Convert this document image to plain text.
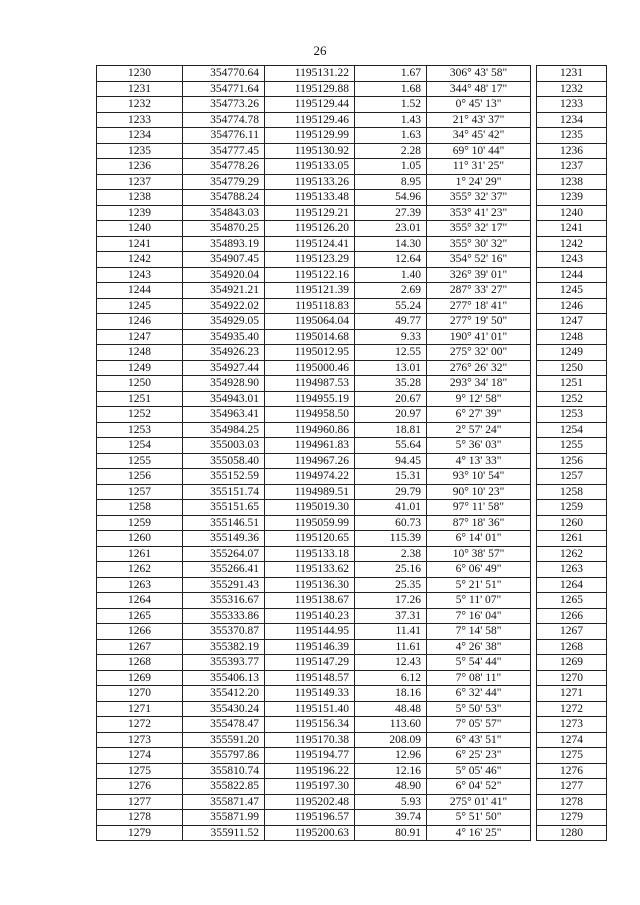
26
1230	354770.64	1195131.22	1.67	306° 43' 58"		1231
1231	354771.64	1195129.88	1.68	344° 48' 17"		1232
1232	354773.26	1195129.44	1.52	0° 45' 13"		1233
1233	354774.78	1195129.46	1.43	21° 43' 37"		1234
1234	354776.11	1195129.99	1.63	34° 45' 42"		1235
1235	354777.45	1195130.92	2.28	69° 10' 44"		1236
1236	354778.26	1195133.05	1.05	11° 31' 25"		1237
1237	354779.29	1195133.26	8.95	1° 24' 29"		1238
1238	354788.24	1195133.48	54.96	355° 32' 37"		1239
1239	354843.03	1195129.21	27.39	353° 41' 23"		1240
1240	354870.25	1195126.20	23.01	355° 32' 17"		1241
1241	354893.19	1195124.41	14.30	355° 30' 32"		1242
1242	354907.45	1195123.29	12.64	354° 52' 16"		1243
1243	354920.04	1195122.16	1.40	326° 39' 01"		1244
1244	354921.21	1195121.39	2.69	287° 33' 27"		1245
1245	354922.02	1195118.83	55.24	277° 18' 41"		1246
1246	354929.05	1195064.04	49.77	277° 19' 50"		1247
1247	354935.40	1195014.68	9.33	190° 41' 01"		1248
1248	354926.23	1195012.95	12.55	275° 32' 00"		1249
1249	354927.44	1195000.46	13.01	276° 26' 32"		1250
1250	354928.90	1194987.53	35.28	293° 34' 18"		1251
1251	354943.01	1194955.19	20.67	9° 12' 58"		1252
1252	354963.41	1194958.50	20.97	6° 27' 39"		1253
1253	354984.25	1194960.86	18.81	2° 57' 24"		1254
1254	355003.03	1194961.83	55.64	5° 36' 03"		1255
1255	355058.40	1194967.26	94.45	4° 13' 33"		1256
1256	355152.59	1194974.22	15.31	93° 10' 54"		1257
1257	355151.74	1194989.51	29.79	90° 10' 23"		1258
1258	355151.65	1195019.30	41.01	97° 11' 58"		1259
1259	355146.51	1195059.99	60.73	87° 18' 36"		1260
1260	355149.36	1195120.65	115.39	6° 14' 01"		1261
1261	355264.07	1195133.18	2.38	10° 38' 57"		1262
1262	355266.41	1195133.62	25.16	6° 06' 49"		1263
1263	355291.43	1195136.30	25.35	5° 21' 51"		1264
1264	355316.67	1195138.67	17.26	5° 11' 07"		1265
1265	355333.86	1195140.23	37.31	7° 16' 04"		1266
1266	355370.87	1195144.95	11.41	7° 14' 58"		1267
1267	355382.19	1195146.39	11.61	4° 26' 38"		1268
1268	355393.77	1195147.29	12.43	5° 54' 44"		1269
1269	355406.13	1195148.57	6.12	7° 08' 11"		1270
1270	355412.20	1195149.33	18.16	6° 32' 44"		1271
1271	355430.24	1195151.40	48.48	5° 50' 53"		1272
1272	355478.47	1195156.34	113.60	7° 05' 57"		1273
1273	355591.20	1195170.38	208.09	6° 43' 51"		1274
1274	355797.86	1195194.77	12.96	6° 25' 23"		1275
1275	355810.74	1195196.22	12.16	5° 05' 46"		1276
1276	355822.85	1195197.30	48.90	6° 04' 52"		1277
1277	355871.47	1195202.48	5.93	275° 01' 41"		1278
1278	355871.99	1195196.57	39.74	5° 51' 50"		1279
1279	355911.52	1195200.63	80.91	4° 16' 25"		1280
